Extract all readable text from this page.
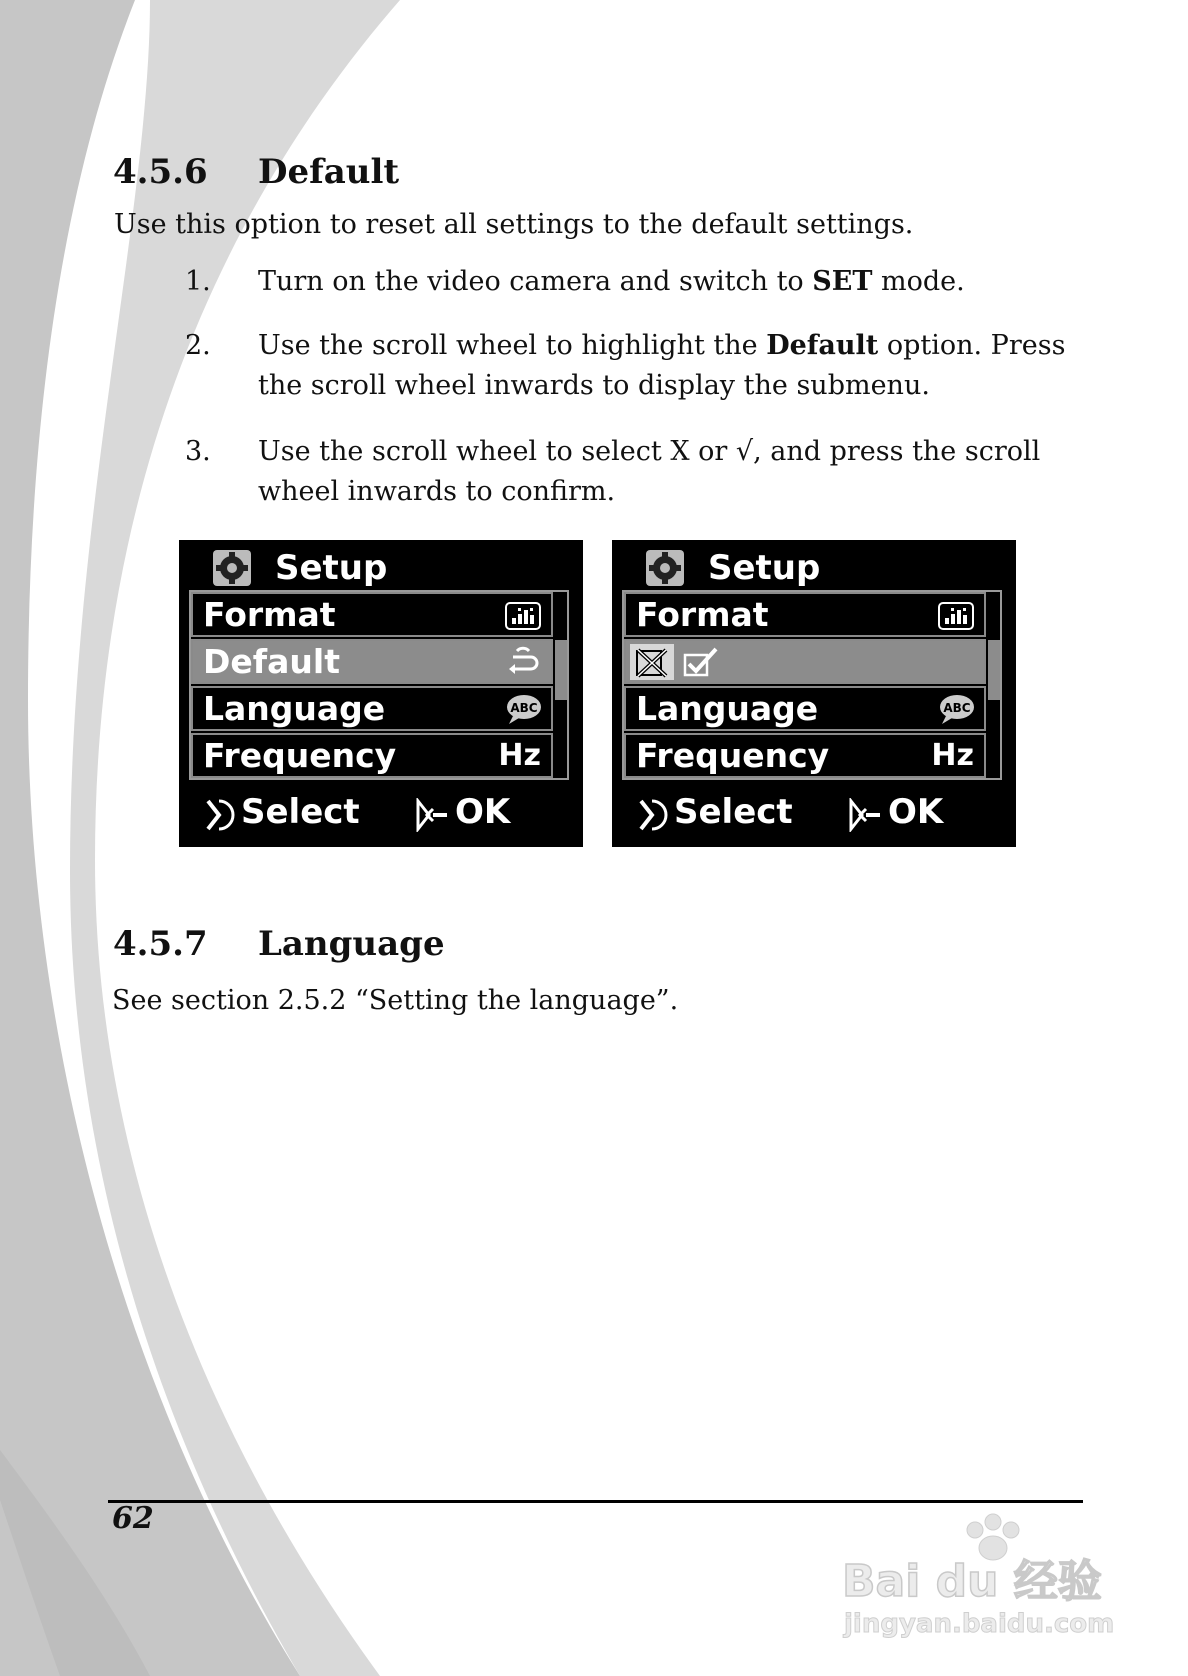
4.5.6 Default
Use this option to reset all settings to the default settings.
1. Turn on the video camera and switch to SET mode.
2. Use the scroll wheel to highlight the Default option. Press the scroll wheel inwards to display the submenu.
3. Use the scroll wheel to select X or √, and press the scroll wheel inwards to confirm.
Setup
Format
Default
Language	ABC
Frequency	Hz
Select	OK
Setup
Format
Language	ABC
Frequency	Hz
Select	OK
4.5.7 Language
See section 2.5.2 “Setting the language”.
62
Bai du 经验
jingyan.baidu.com
